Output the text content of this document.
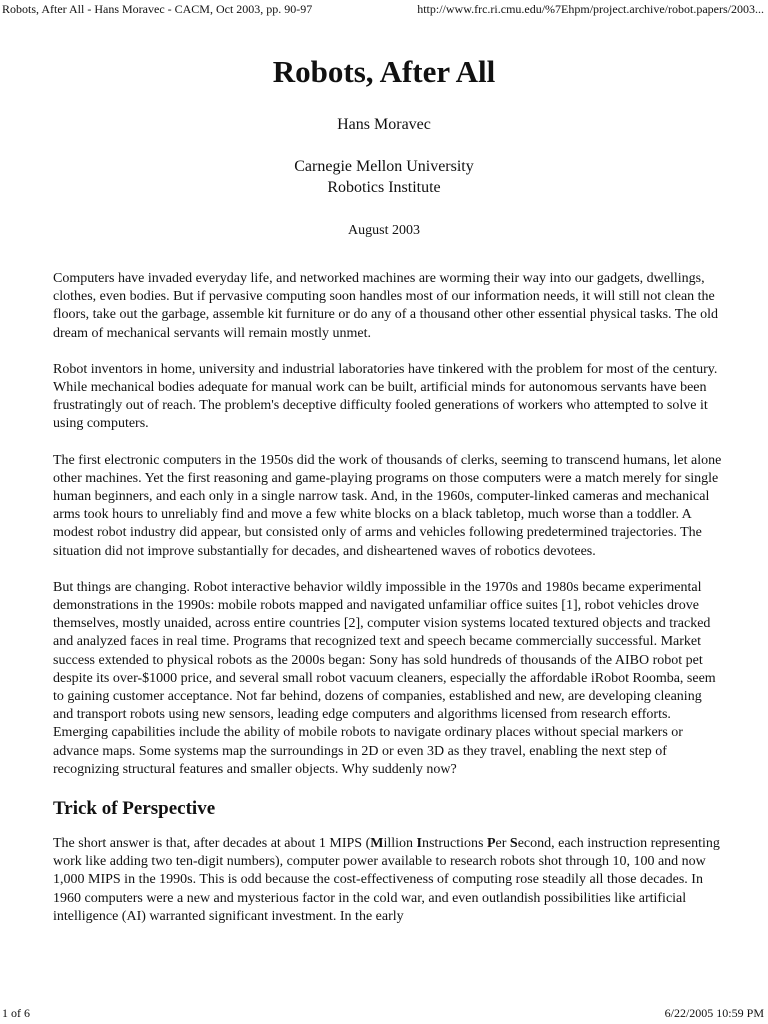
Robots, After All - Hans Moravec - CACM, Oct 2003, pp. 90-97	http://www.frc.ri.cmu.edu/%7Ehpm/project.archive/robot.papers/2003...
Robots, After All
Hans Moravec
Carnegie Mellon University
Robotics Institute
August 2003

Computers have invaded everyday life, and networked machines are worming their way into our gadgets, dwellings, clothes, even bodies. But if pervasive computing soon handles most of our information needs, it will still not clean the floors, take out the garbage, assemble kit furniture or do any of a thousand other other essential physical tasks. The old dream of mechanical servants will remain mostly unmet.

Robot inventors in home, university and industrial laboratories have tinkered with the problem for most of the century. While mechanical bodies adequate for manual work can be built, artificial minds for autonomous servants have been frustratingly out of reach. The problem's deceptive difficulty fooled generations of workers who attempted to solve it using computers.

The first electronic computers in the 1950s did the work of thousands of clerks, seeming to transcend humans, let alone other machines. Yet the first reasoning and game-playing programs on those computers were a match merely for single human beginners, and each only in a single narrow task. And, in the 1960s, computer-linked cameras and mechanical arms took hours to unreliably find and move a few white blocks on a black tabletop, much worse than a toddler. A modest robot industry did appear, but consisted only of arms and vehicles following predetermined trajectories. The situation did not improve substantially for decades, and disheartened waves of robotics devotees.

But things are changing. Robot interactive behavior wildly impossible in the 1970s and 1980s became experimental demonstrations in the 1990s: mobile robots mapped and navigated unfamiliar office suites [1], robot vehicles drove themselves, mostly unaided, across entire countries [2], computer vision systems located textured objects and tracked and analyzed faces in real time. Programs that recognized text and speech became commercially successful. Market success extended to physical robots as the 2000s began: Sony has sold hundreds of thousands of the AIBO robot pet despite its over-$1000 price, and several small robot vacuum cleaners, especially the affordable iRobot Roomba, seem to gaining customer acceptance. Not far behind, dozens of companies, established and new, are developing cleaning and transport robots using new sensors, leading edge computers and algorithms licensed from research efforts. Emerging capabilities include the ability of mobile robots to navigate ordinary places without special markers or advance maps. Some systems map the surroundings in 2D or even 3D as they travel, enabling the next step of recognizing structural features and smaller objects. Why suddenly now?

Trick of Perspective

The short answer is that, after decades at about 1 MIPS (Million Instructions Per Second, each instruction representing work like adding two ten-digit numbers), computer power available to research robots shot through 10, 100 and now 1,000 MIPS in the 1990s. This is odd because the cost-effectiveness of computing rose steadily all those decades. In 1960 computers were a new and mysterious factor in the cold war, and even outlandish possibilities like artificial intelligence (AI) warranted significant investment. In the early

1 of 6	6/22/2005 10:59 PM
